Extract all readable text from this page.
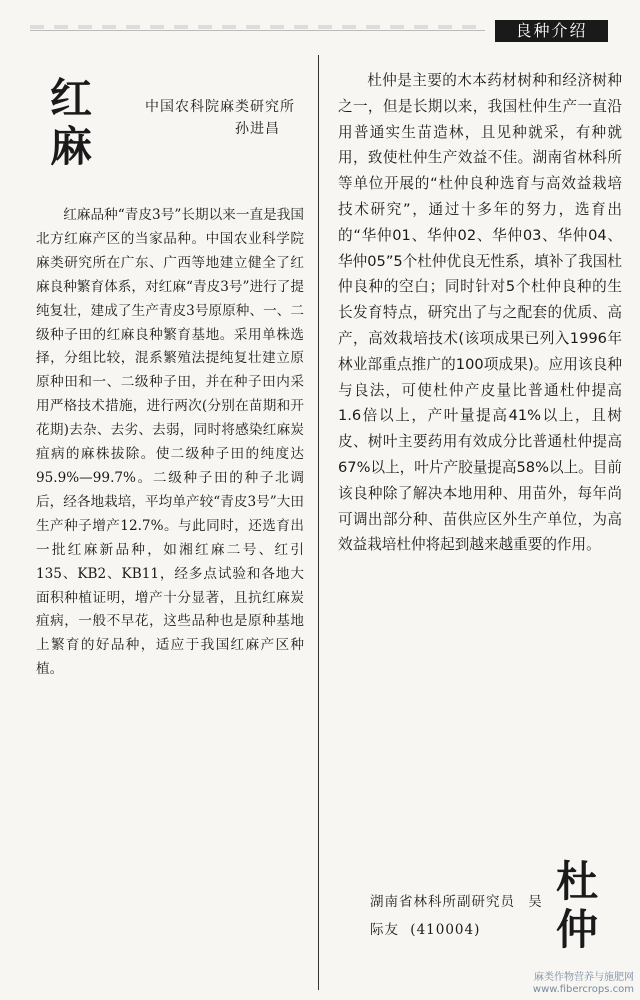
良种介绍
红麻
中国农科院麻类研究所
孙进昌

红麻品种“青皮3号”长期以来一直是我国北方红麻产区的当家品种。中国农业科学院麻类研究所在广东、广西等地建立健全了红麻良种繁育体系，对红麻“青皮3号”进行了提纯复壮，建成了生产青皮3号原原种、一、二级种子田的红麻良种繁育基地。采用单株选择，分组比较，混系繁殖法提纯复壮建立原原种田和一、二级种子田，并在种子田内采用严格技术措施，进行两次(分别在苗期和开花期)去杂、去劣、去弱，同时将感染红麻炭疽病的麻株拔除。使二级种子田的纯度达95.9%—99.7%。二级种子田的种子北调后，经各地栽培，平均单产较“青皮3号”大田生产种子增产12.7%。与此同时，还选育出一批红麻新品种，如湘红麻二号、红引135、KB2、KB11，经多点试验和各地大面积种植证明，增产十分显著，且抗红麻炭疽病，一般不早花，这些品种也是原种基地上繁育的好品种，适应于我国红麻产区种植。

杜仲是主要的木本药材树种和经济树种之一，但是长期以来，我国杜仲生产一直沿用普通实生苗造林，且见种就采，有种就用，致使杜仲生产效益不佳。湖南省林科所等单位开展的“杜仲良种选育与高效益栽培技术研究”，通过十多年的努力，选育出的“华仲01、华仲02、华仲03、华仲04、华仲05”5个杜仲优良无性系，填补了我国杜仲良种的空白；同时针对5个杜仲良种的生长发育特点，研究出了与之配套的优质、高产，高效栽培技术(该项成果已列入1996年林业部重点推广的100项成果)。应用该良种与良法，可使杜仲产皮量比普通杜仲提高1.6倍以上，产叶量提高41%以上，且树皮、树叶主要药用有效成分比普通杜仲提高67%以上，叶片产胶量提高58%以上。目前该良种除了解决本地用种、用苗外，每年尚可调出部分种、苗供应区外生产单位，为高效益栽培杜仲将起到越来越重要的作用。

湖南省林科所副研究员 吴际友 (410004)
杜仲
麻类作物营养与施肥网
www.fibercrops.com
